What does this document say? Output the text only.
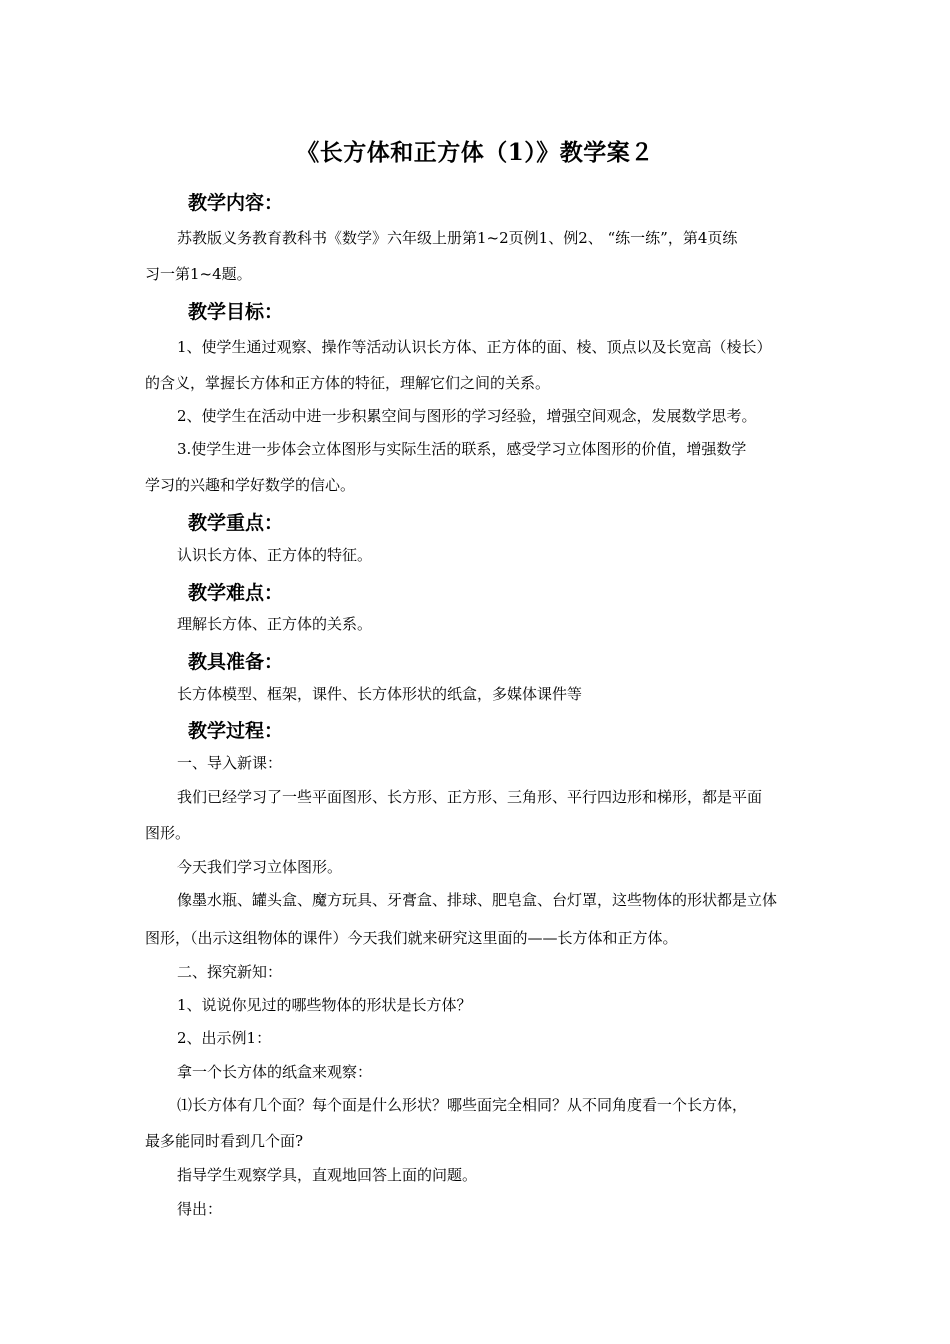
《长方体和正方体（1）》教学案２
教学内容：
苏教版义务教育教科书《数学》六年级上册第1~2页例1、例2、 “练一练”，第4页练
习一第1~4题。
教学目标：
1、使学生通过观察、操作等活动认识长方体、正方体的面、棱、顶点以及长宽高（棱长）
的含义，掌握长方体和正方体的特征，理解它们之间的关系。
2、使学生在活动中进一步积累空间与图形的学习经验，增强空间观念，发展数学思考。
3.使学生进一步体会立体图形与实际生活的联系，感受学习立体图形的价值，增强数学
学习的兴趣和学好数学的信心。
教学重点：
认识长方体、正方体的特征。
教学难点：
理解长方体、正方体的关系。
教具准备：
长方体模型、框架，课件、长方体形状的纸盒，多媒体课件等
教学过程：
一、导入新课：
我们已经学习了一些平面图形、长方形、正方形、三角形、平行四边形和梯形，都是平面
图形。
今天我们学习立体图形。
像墨水瓶、罐头盒、魔方玩具、牙膏盒、排球、肥皂盒、台灯罩，这些物体的形状都是立体
图形，（出示这组物体的课件）今天我们就来研究这里面的——长方体和正方体。
二、探究新知：
1、说说你见过的哪些物体的形状是长方体？
2、出示例1：
拿一个长方体的纸盒来观察：
⑴长方体有几个面？每个面是什么形状？哪些面完全相同？从不同角度看一个长方体，
最多能同时看到几个面?
指导学生观察学具，直观地回答上面的问题。
得出：
